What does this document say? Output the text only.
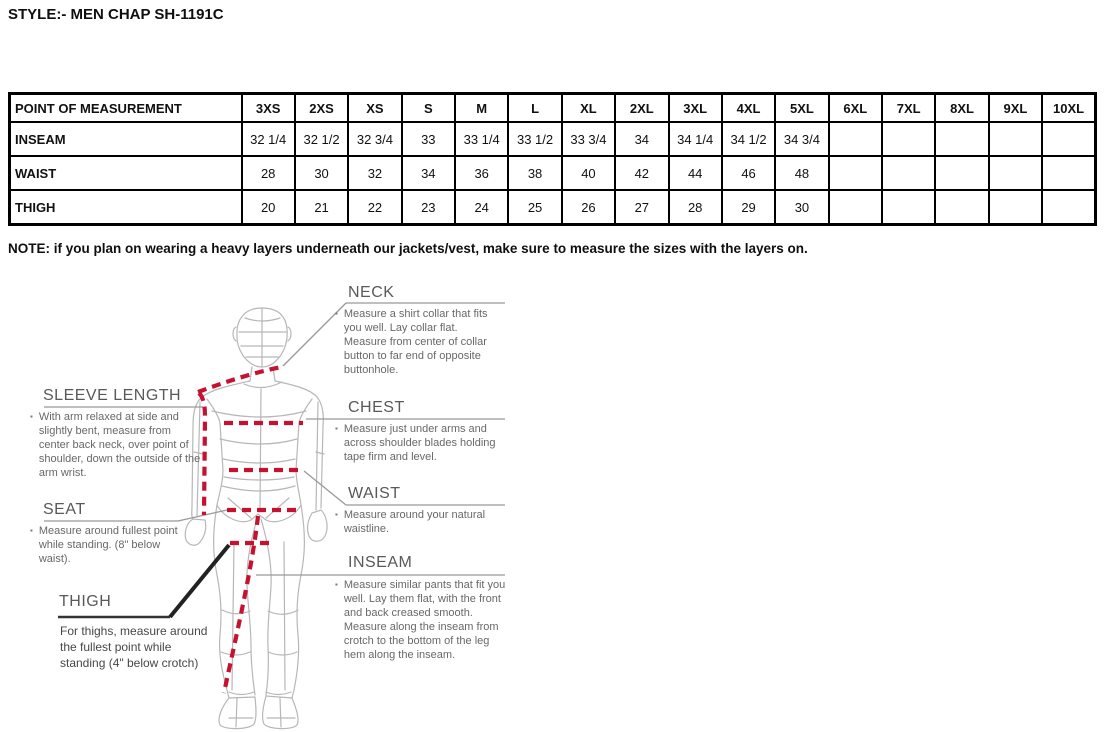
STYLE:- MEN CHAP SH-1191C
POINT OF MEASUREMENT	3XS	2XS	XS	S	M	L	XL	2XL	3XL	4XL	5XL	6XL	7XL	8XL	9XL	10XL
INSEAM	32 1/4	32 1/2	32 3/4	33	33 1/4	33 1/2	33 3/4	34	34 1/4	34 1/2	34 3/4					
WAIST	28	30	32	34	36	38	40	42	44	46	48					
THIGH	20	21	22	23	24	25	26	27	28	29	30					
NOTE: if you plan on wearing a heavy layers underneath our jackets/vest, make sure to measure the sizes with the layers on.
NECK
▪ Measure a shirt collar that fits you well. Lay collar flat. Measure from center of collar button to far end of opposite buttonhole.
CHEST
▪ Measure just under arms and across shoulder blades holding tape firm and level.
WAIST
▪ Measure around your natural waistline.
INSEAM
▪ Measure similar pants that fit you well. Lay them flat, with the front and back creased smooth. Measure along the inseam from crotch to the bottom of the leg hem along the inseam.
SLEEVE LENGTH
▪ With arm relaxed at side and slightly bent, measure from center back neck, over point of shoulder, down the outside of the arm wrist.
SEAT
▪ Measure around fullest point while standing. (8" below waist).
THIGH
For thighs, measure around the fullest point while standing (4" below crotch)
